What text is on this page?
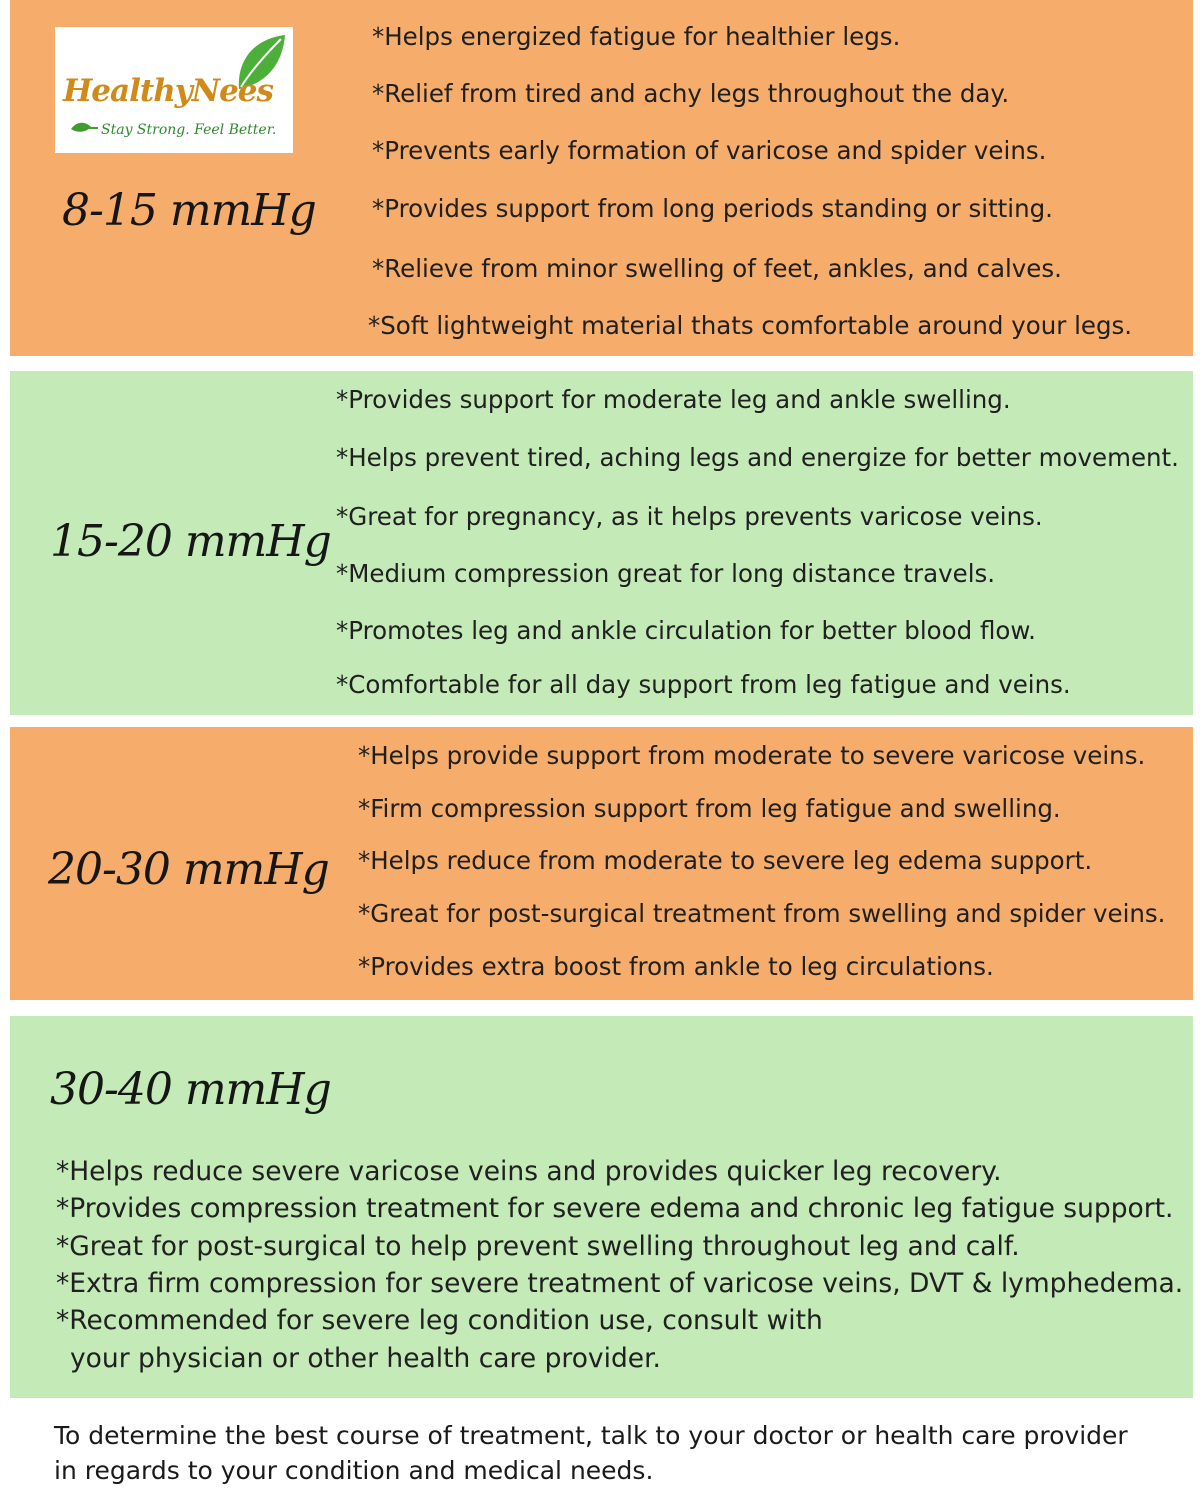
HealthyNees
Stay Strong. Feel Better.
8-15 mmHg
*Helps energized fatigue for healthier legs.
*Relief from tired and achy legs throughout the day.
*Prevents early formation of varicose and spider veins.
*Provides support from long periods standing or sitting.
*Relieve from minor swelling of feet, ankles, and calves.
*Soft lightweight material thats comfortable around your legs.
15-20 mmHg
*Provides support for moderate leg and ankle swelling.
*Helps prevent tired, aching legs and energize for better movement.
*Great for pregnancy, as it helps prevents varicose veins.
*Medium compression great for long distance travels.
*Promotes leg and ankle circulation for better blood flow.
*Comfortable for all day support from leg fatigue and veins.
20-30 mmHg
*Helps provide support from moderate to severe varicose veins.
*Firm compression support from leg fatigue and swelling.
*Helps reduce from moderate to severe leg edema support.
*Great for post-surgical treatment from swelling and spider veins.
*Provides extra boost from ankle to leg circulations.
30-40 mmHg
*Helps reduce severe varicose veins and provides quicker leg recovery.
*Provides compression treatment for severe edema and chronic leg fatigue support.
*Great for post-surgical to help prevent swelling throughout leg and calf.
*Extra firm compression for severe treatment of varicose veins, DVT & lymphedema.
*Recommended for severe leg condition use, consult with
your physician or other health care provider.

To determine the best course of treatment, talk to your doctor or health care provider
in regards to your condition and medical needs.
